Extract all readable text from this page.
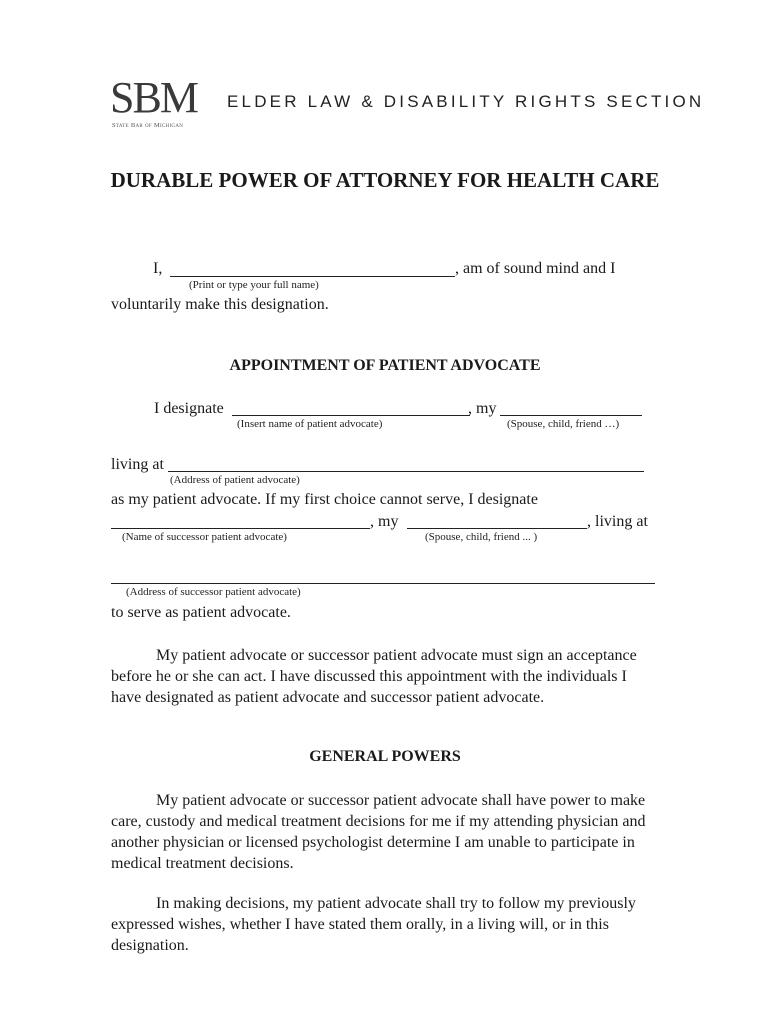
SBM
State Bar of Michigan
ELDER LAW & DISABILITY RIGHTS SECTION
DURABLE POWER OF ATTORNEY FOR HEALTH CARE
I,	, am of sound mind and I
(Print or type your full name)
voluntarily make this designation.
APPOINTMENT OF PATIENT ADVOCATE
I designate	, my
(Insert name of patient advocate)	(Spouse, child, friend …)
living at
(Address of patient advocate)
as my patient advocate. If my first choice cannot serve, I designate
, my	, living at
(Name of successor patient advocate)	(Spouse, child, friend ... )
(Address of successor patient advocate)
to serve as patient advocate.
My patient advocate or successor patient advocate must sign an acceptance before he or she can act. I have discussed this appointment with the individuals I have designated as patient advocate and successor patient advocate.
GENERAL POWERS
My patient advocate or successor patient advocate shall have power to make care, custody and medical treatment decisions for me if my attending physician and another physician or licensed psychologist determine I am unable to participate in medical treatment decisions.
In making decisions, my patient advocate shall try to follow my previously expressed wishes, whether I have stated them orally, in a living will, or in this designation.
